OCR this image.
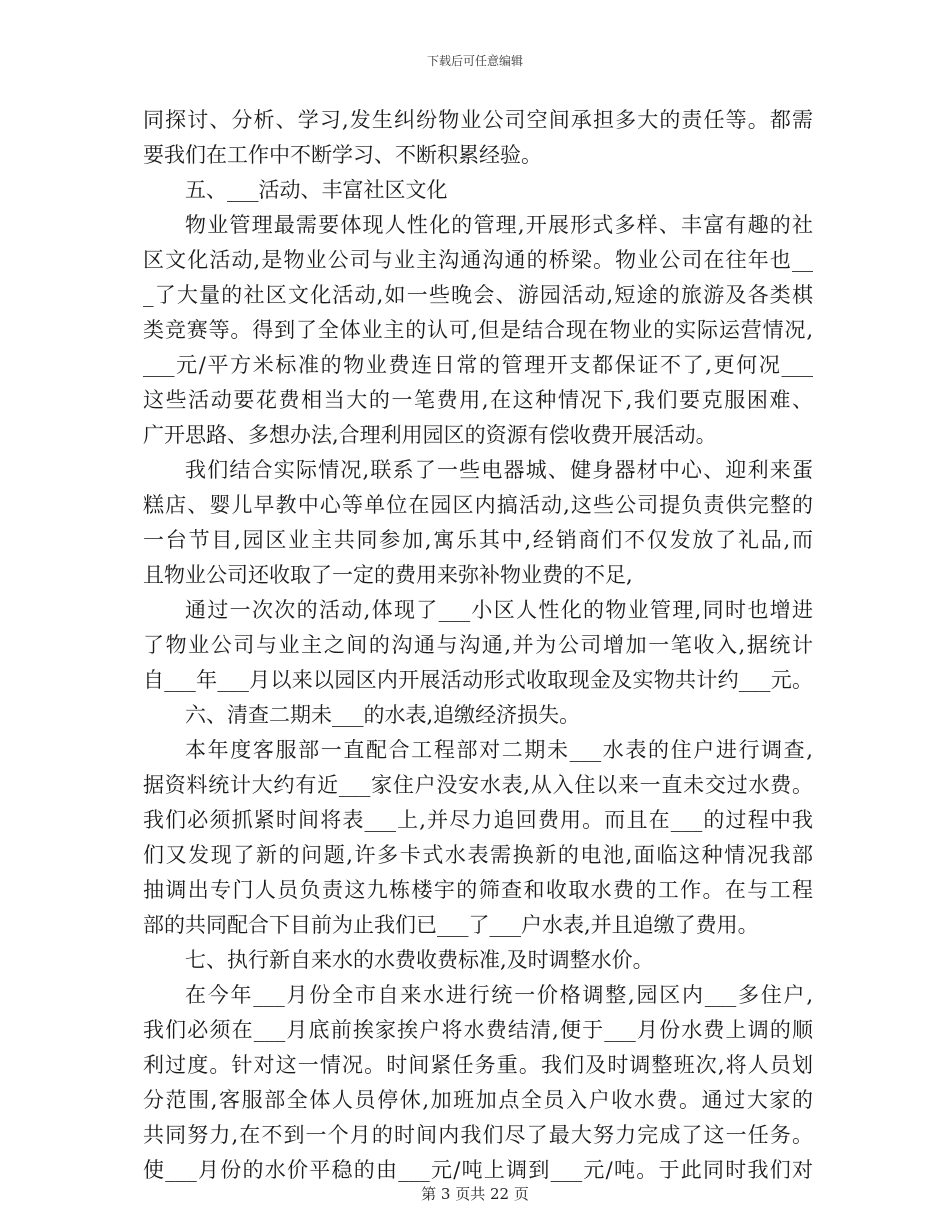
下载后可任意编辑
同探讨、分析、学习,发生纠纷物业公司空间承担多大的责任等。都需
要我们在工作中不断学习、不断积累经验。
五、___活动、丰富社区文化
物业管理最需要体现人性化的管理,开展形式多样、丰富有趣的社
区文化活动,是物业公司与业主沟通沟通的桥梁。物业公司在往年也__
_了大量的社区文化活动,如一些晚会、游园活动,短途的旅游及各类棋
类竞赛等。得到了全体业主的认可,但是结合现在物业的实际运营情况,
___元/平方米标准的物业费连日常的管理开支都保证不了,更何况___
这些活动要花费相当大的一笔费用,在这种情况下,我们要克服困难、
广开思路、多想办法,合理利用园区的资源有偿收费开展活动。
我们结合实际情况,联系了一些电器城、健身器材中心、迎利来蛋
糕店、婴儿早教中心等单位在园区内搞活动,这些公司提负责供完整的
一台节目,园区业主共同参加,寓乐其中,经销商们不仅发放了礼品,而
且物业公司还收取了一定的费用来弥补物业费的不足,
通过一次次的活动,体现了___小区人性化的物业管理,同时也增进
了物业公司与业主之间的沟通与沟通,并为公司增加一笔收入,据统计
自___年___月以来以园区内开展活动形式收取现金及实物共计约___元。
六、清查二期未___的水表,追缴经济损失。
本年度客服部一直配合工程部对二期未___水表的住户进行调查,
据资料统计大约有近___家住户没安水表,从入住以来一直未交过水费。
我们必须抓紧时间将表___上,并尽力追回费用。而且在___的过程中我
们又发现了新的问题,许多卡式水表需换新的电池,面临这种情况我部
抽调出专门人员负责这九栋楼宇的筛查和收取水费的工作。在与工程
部的共同配合下目前为止我们已___了___户水表,并且追缴了费用。
七、执行新自来水的水费收费标准,及时调整水价。
在今年___月份全市自来水进行统一价格调整,园区内___多住户,
我们必须在___月底前挨家挨户将水费结清,便于___月份水费上调的顺
利过度。针对这一情况。时间紧任务重。我们及时调整班次,将人员划
分范围,客服部全体人员停休,加班加点全员入户收水费。通过大家的
共同努力,在不到一个月的时间内我们尽了最大努力完成了这一任务。
使___月份的水价平稳的由___元/吨上调到___元/吨。于此同时我们对
第 3 页共 22 页
